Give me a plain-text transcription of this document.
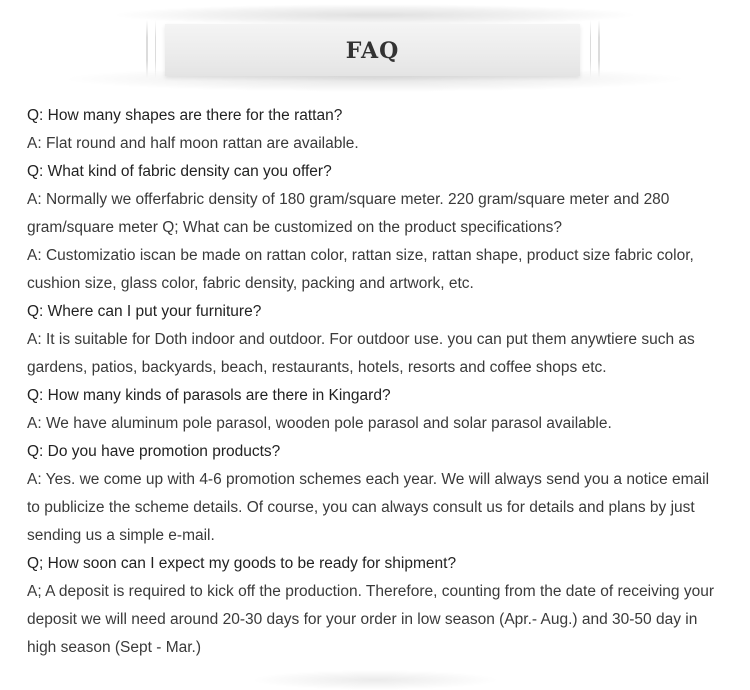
FAQ

Q: How many shapes are there for the rattan?

A: Flat round and half moon rattan are available.

Q: What kind of fabric density can you offer?

A: Normally we offerfabric density of 180 gram/square meter. 220 gram/square meter and 280 gram/square meter Q; What can be customized on the product specifications?

A: Customizatio iscan be made on rattan color, rattan size, rattan shape, product size fabric color, cushion size, glass color, fabric density, packing and artwork, etc.

Q: Where can I put your furniture?

A: It is suitable for Doth indoor and outdoor. For outdoor use. you can put them anywtiere such as gardens, patios, backyards, beach, restaurants, hotels, resorts and coffee shops etc.

Q: How many kinds of parasols are there in Kingard?

A: We have aluminum pole parasol, wooden pole parasol and solar parasol available.

Q: Do you have promotion products?

A: Yes. we come up with 4-6 promotion schemes each year. We will always send you a notice email to publicize the scheme details. Of course, you can always consult us for details and plans by just sending us a simple e-mail.

Q; How soon can I expect my goods to be ready for shipment?

A; A deposit is required to kick off the production. Therefore, counting from the date of receiving your deposit we will need around 20-30 days for your order in low season (Apr.- Aug.) and 30-50 day in high season (Sept - Mar.)
